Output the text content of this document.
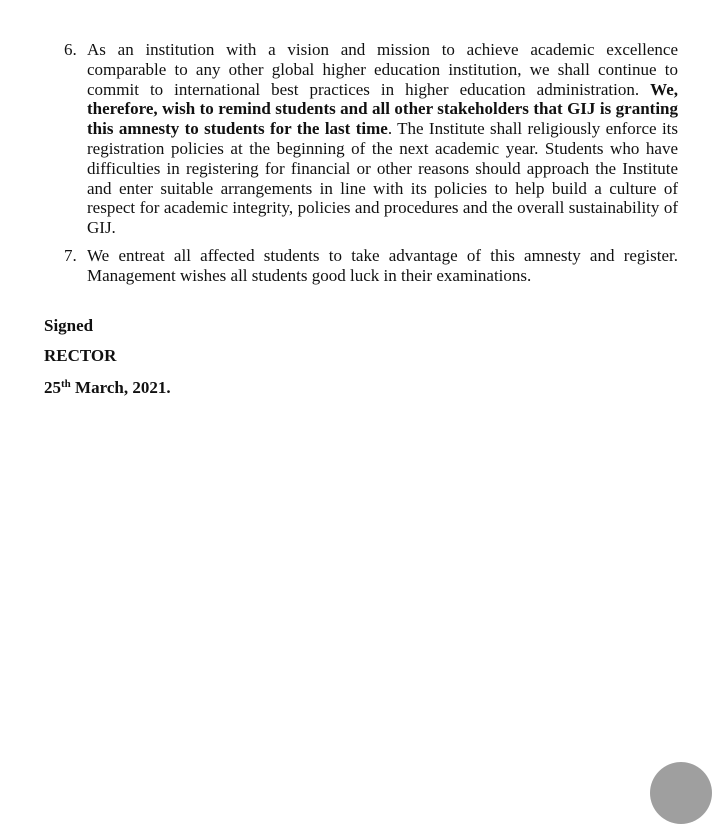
6. As an institution with a vision and mission to achieve academic excellence comparable to any other global higher education institution, we shall continue to commit to international best practices in higher education administration. We, therefore, wish to remind students and all other stakeholders that GIJ is granting this amnesty to students for the last time. The Institute shall religiously enforce its registration policies at the beginning of the next academic year. Students who have difficulties in registering for financial or other reasons should approach the Institute and enter suitable arrangements in line with its policies to help build a culture of respect for academic integrity, policies and procedures and the overall sustainability of GIJ.
7. We entreat all affected students to take advantage of this amnesty and register. Management wishes all students good luck in their examinations.
Signed
RECTOR
25th March, 2021.
